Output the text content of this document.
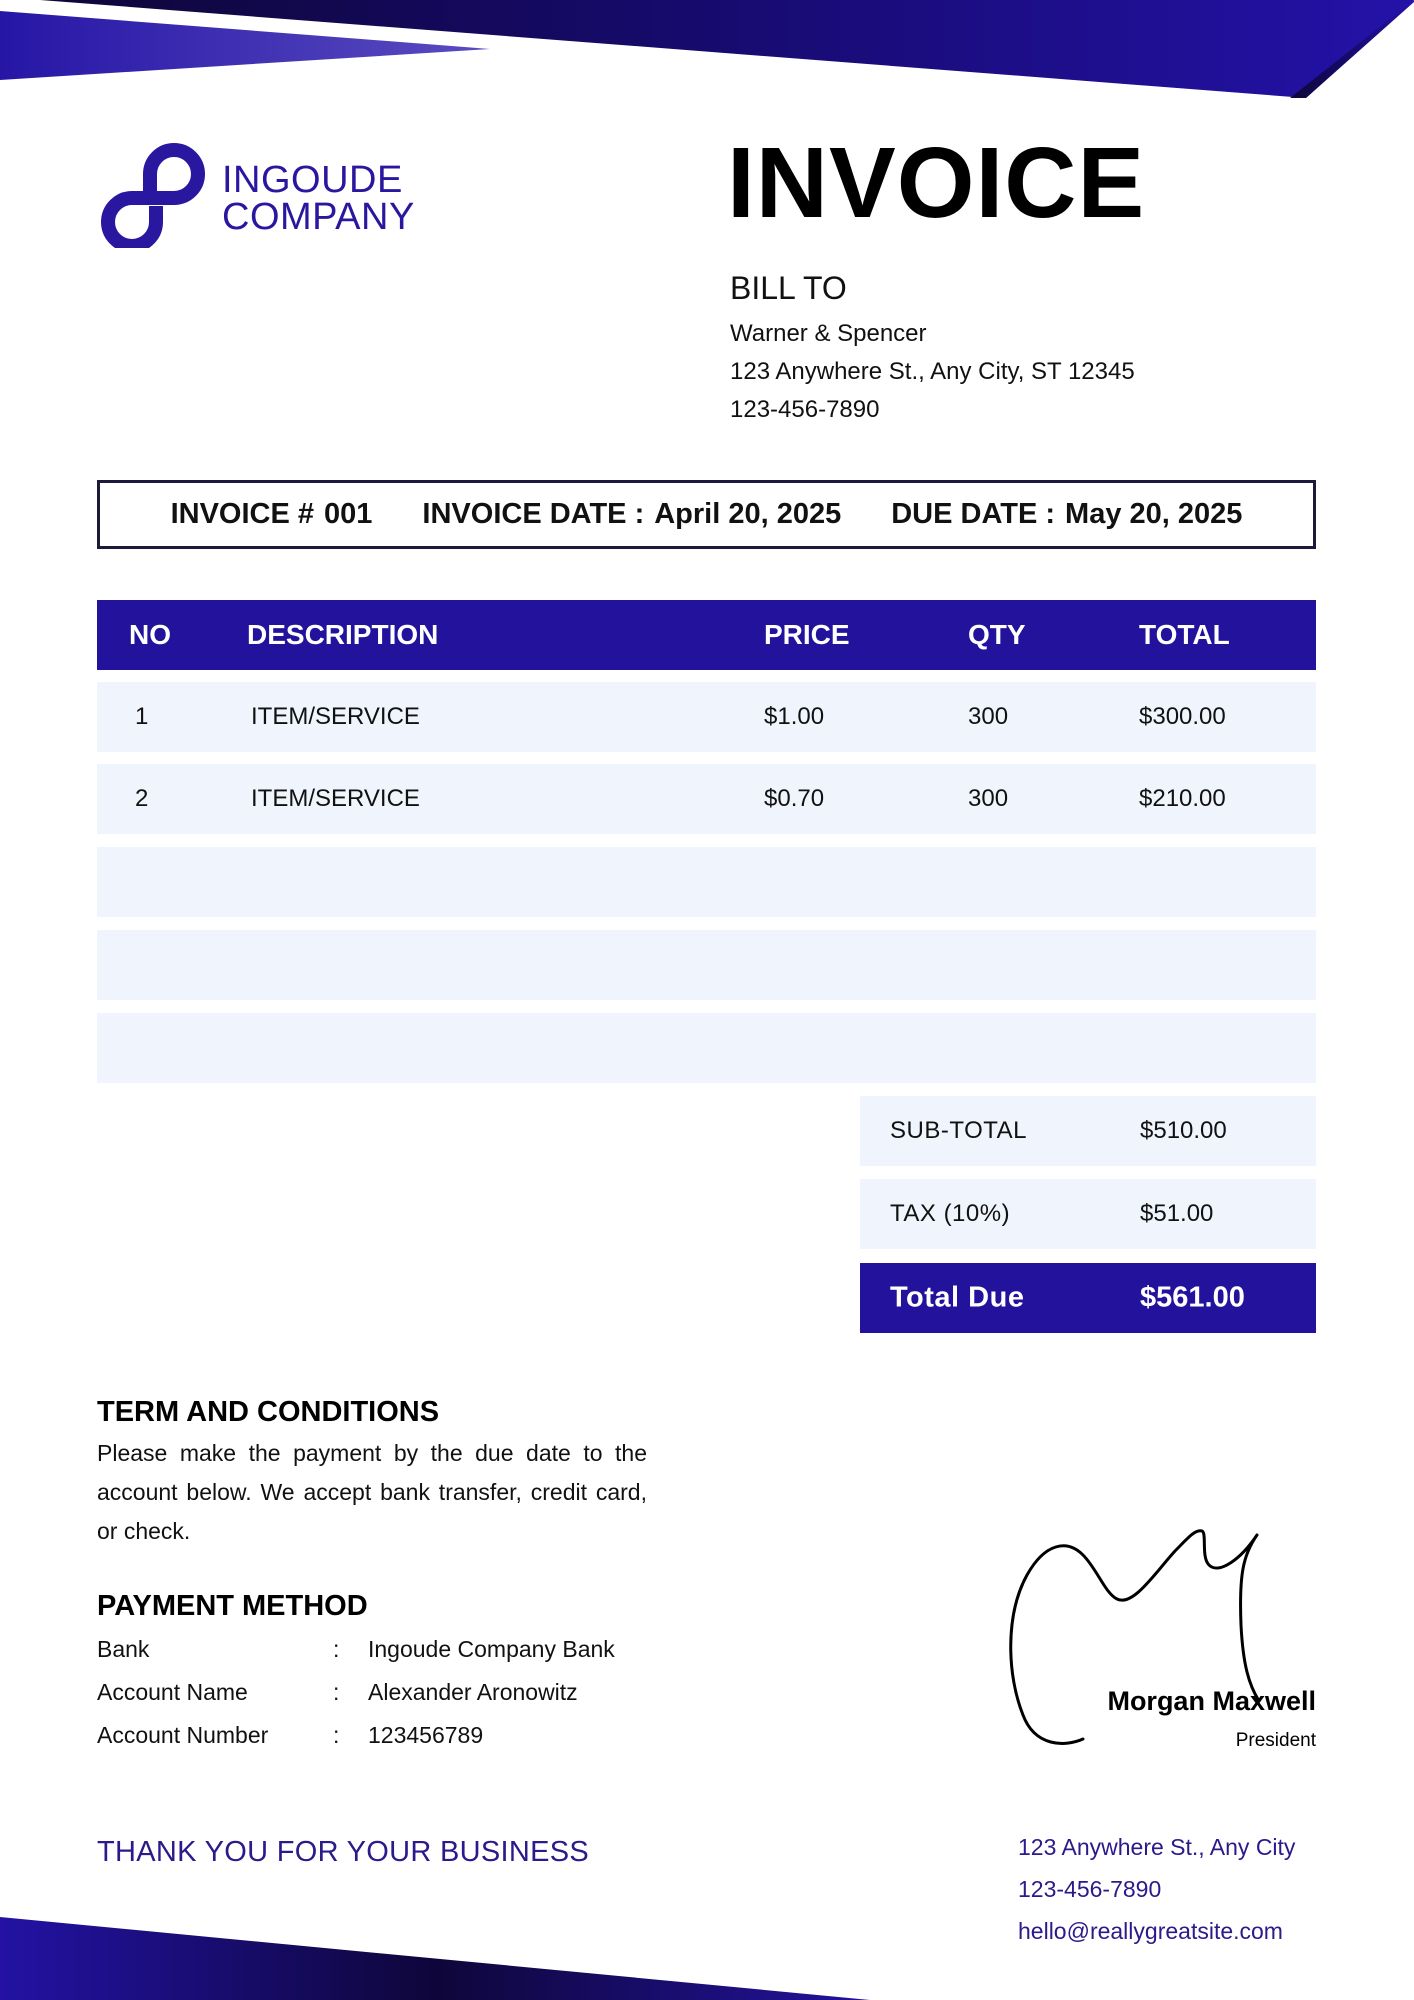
INGOUDE
COMPANY	INVOICE
BILL TO
Warner & Spencer
123 Anywhere St., Any City, ST 12345
123-456-7890
INVOICE # 001 INVOICE DATE : April 20, 2025 DUE DATE : May 20, 2025
NO	DESCRIPTION	PRICE	QTY	TOTAL
1	ITEM/SERVICE	$1.00	300	$300.00
2	ITEM/SERVICE	$0.70	300	$210.00
SUB-TOTAL	$510.00
TAX (10%)	$51.00
Total Due	$561.00
TERM AND CONDITIONS
Please make the payment by the due date to the account below. We accept bank transfer, credit card, or check.
PAYMENT METHOD
Bank	: Ingoude Company Bank
Account Name	: Alexander Aronowitz
Account Number	: 123456789
Morgan Maxwell
President
THANK YOU FOR YOUR BUSINESS	123 Anywhere St., Any City
123-456-7890
hello@reallygreatsite.com
